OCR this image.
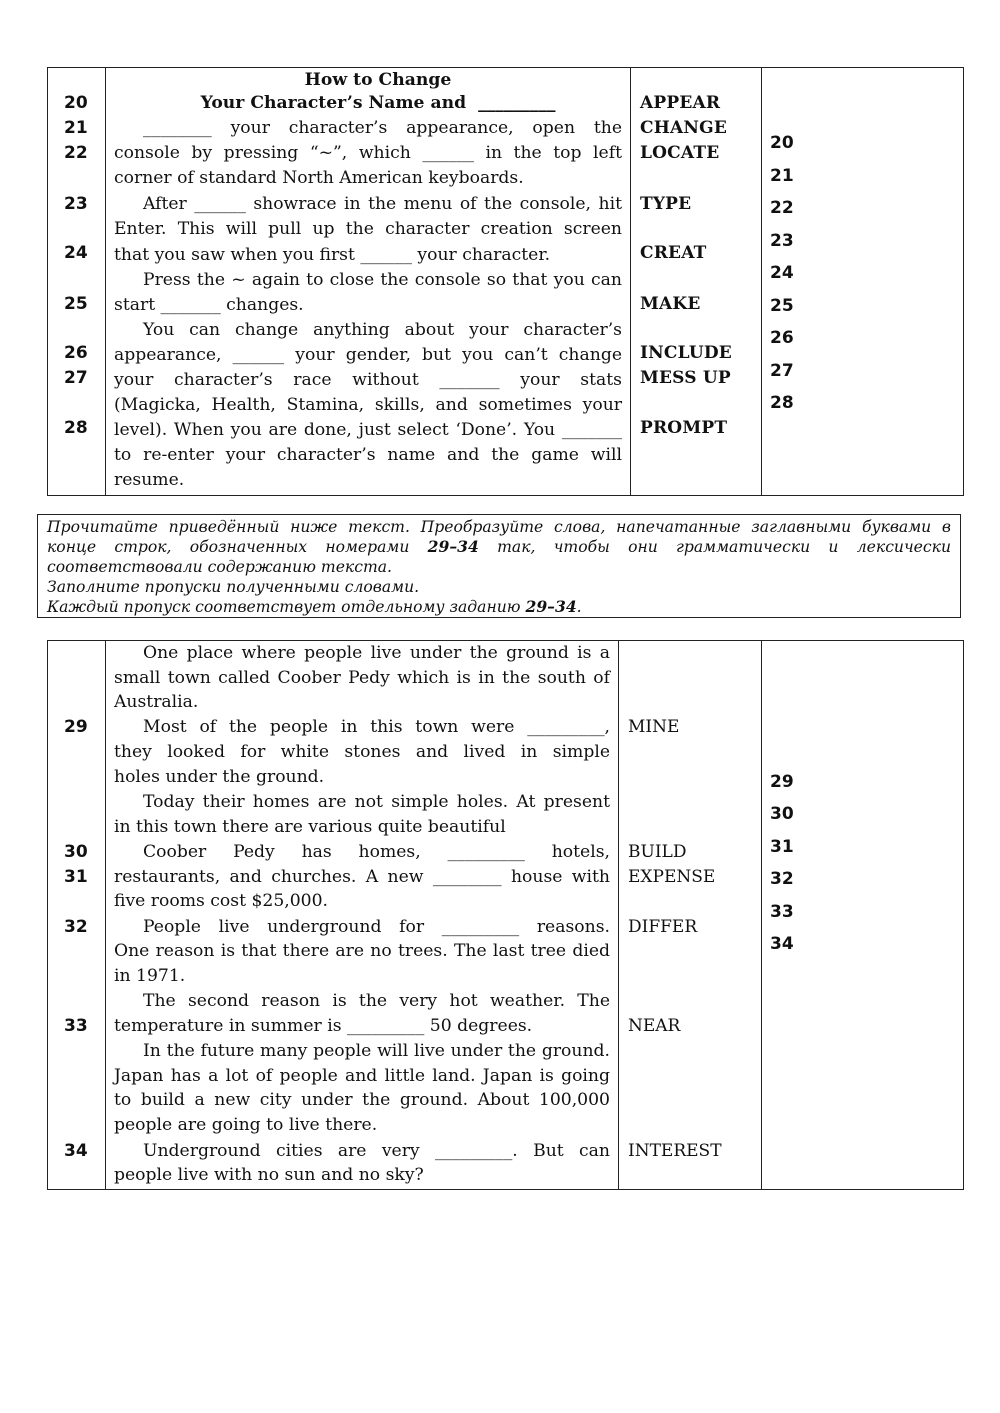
20
21
22
23
24
25
26
27
28
How to Change
Your Character’s Name and  _________
________ your character’s appearance, open the
console by pressing “~”, which ______ in the top left
corner of standard North American keyboards.
After ______ showrace in the menu of the console, hit
Enter. This will pull up the character creation screen
that you saw when you first ______ your character.
Press the ~ again to close the console so that you can
start _______ changes.
You can change anything about your character’s
appearance, ______ your gender, but you can’t change
your character’s race without _______ your stats
(Magicka, Health, Stamina, skills, and sometimes your
level). When you are done, just select ‘Done’. You _______
to re-enter your character’s name and the game will
resume.
APPEAR
CHANGE
LOCATE
TYPE
CREAT
MAKE
INCLUDE
MESS UP
PROMPT
20
21
22
23
24
25
26
27
28

Прочитайте приведённый ниже текст. Преобразуйте слова, напечатанные заглавными буквами в конце строк, обозначенных номерами 29–34 так, чтобы они грамматически и лексически соответствовали содержанию текста.

Заполните пропуски полученными словами.

Каждый пропуск соответствует отдельному заданию 29–34.

29
30
31
32
33
34
One place where people live under the ground is a
small town called Coober Pedy which is in the south of
Australia.
Most of the people in this town were _________,
they looked for white stones and lived in simple
holes under the ground.
Today their homes are not simple holes. At present
in this town there are various quite beautiful
Coober Pedy has homes, _________ hotels,
restaurants, and churches. A new ________ house with
five rooms cost $25,000.
People live underground for _________ reasons.
One reason is that there are no trees. The last tree died
in 1971.
The second reason is the very hot weather. The
temperature in summer is _________ 50 degrees.
In the future many people will live under the ground.
Japan has a lot of people and little land. Japan is going
to build a new city under the ground. About 100,000
people are going to live there.
Underground cities are very _________. But can
people live with no sun and no sky?
MINE
BUILD
EXPENSE
DIFFER
NEAR
INTEREST
29
30
31
32
33
34
